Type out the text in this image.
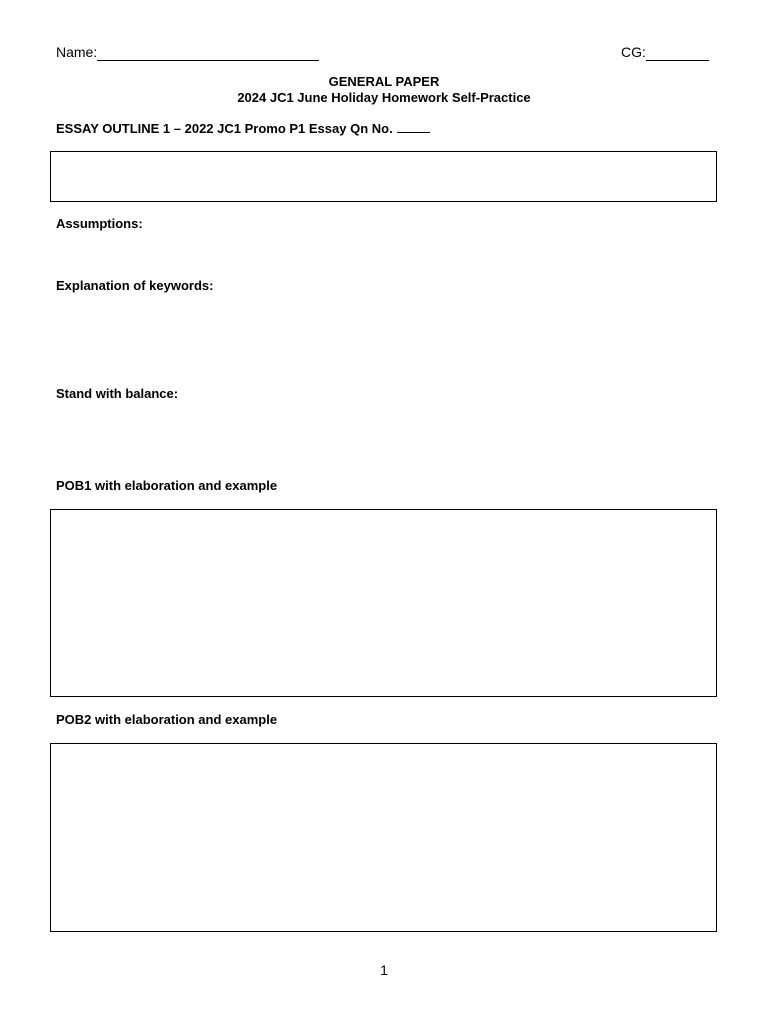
Name:	CG:
GENERAL PAPER
2024 JC1 June Holiday Homework Self-Practice
ESSAY OUTLINE 1 – 2022 JC1 Promo P1 Essay Qn No.
Assumptions:
Explanation of keywords:
Stand with balance:
POB1 with elaboration and example
POB2 with elaboration and example
1
